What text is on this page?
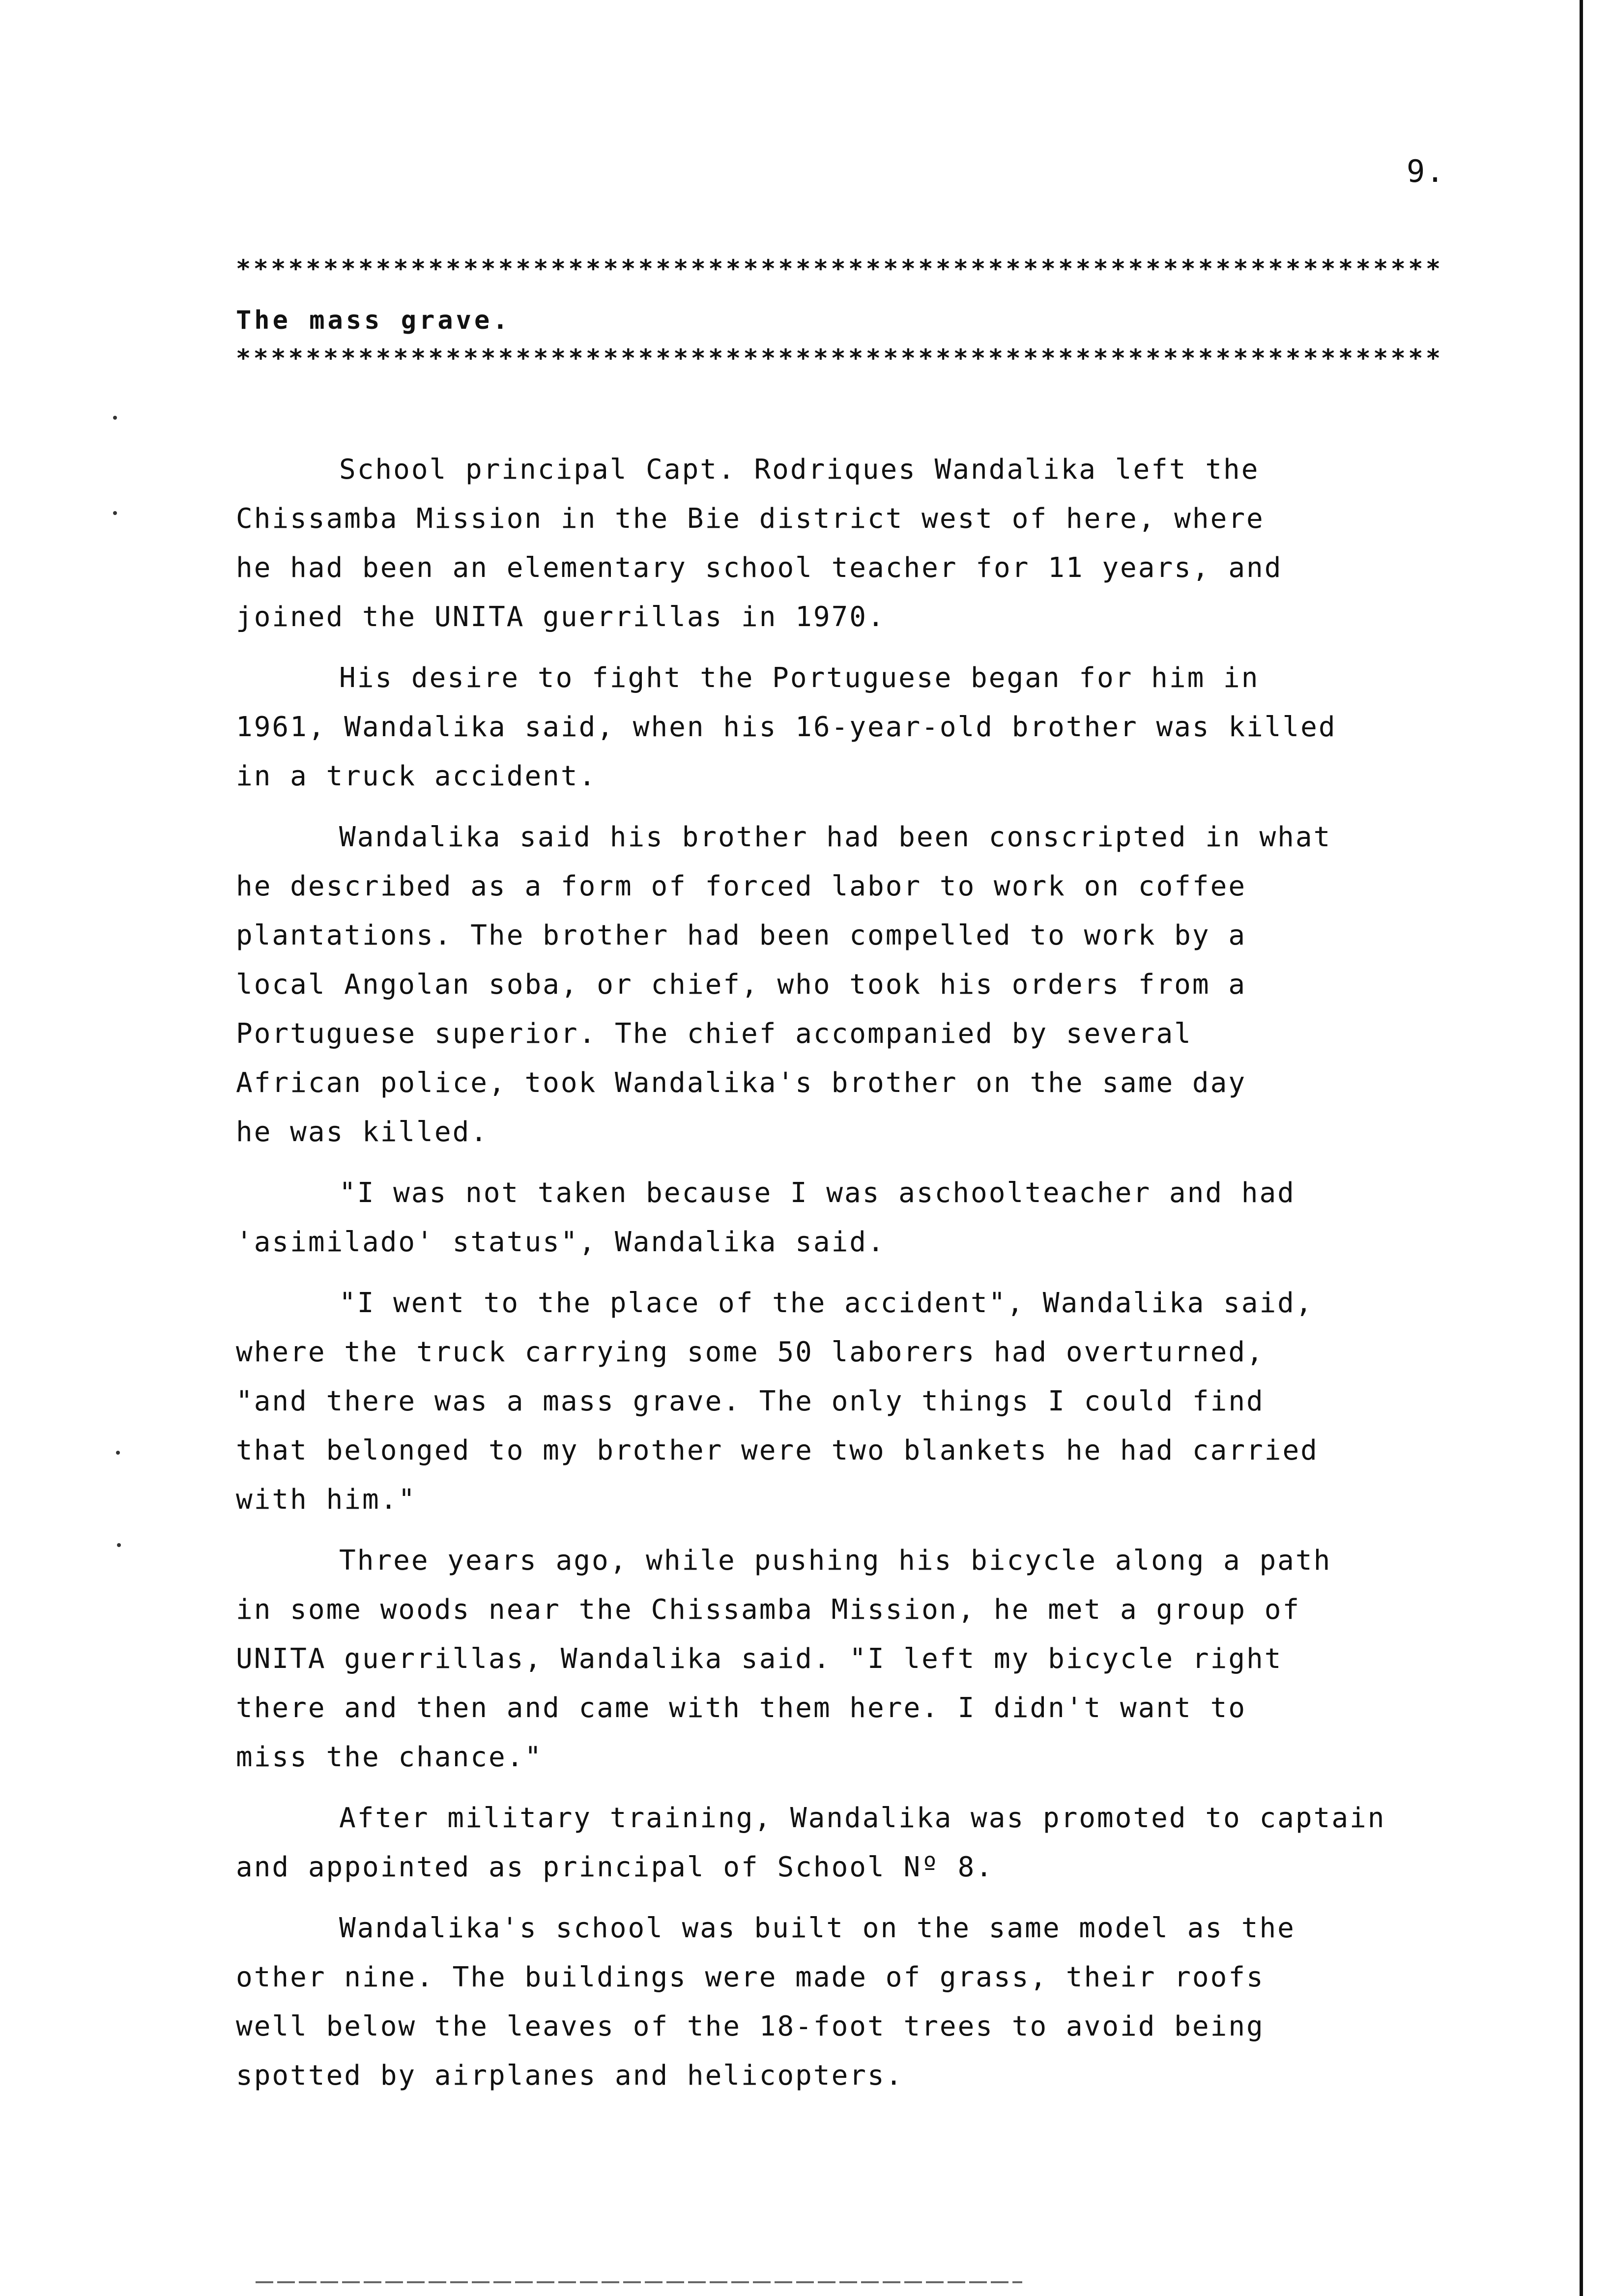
9.
*********************************************************************
The mass grave.
*********************************************************************
School principal Capt. Rodriques Wandalika left the
Chissamba Mission in the Bie district west of here, where
he had been an elementary school teacher for 11 years, and
joined the UNITA guerrillas in 1970.
His desire to fight the Portuguese began for him in
1961, Wandalika said, when his 16-year-old brother was killed
in a truck accident.
Wandalika said his brother had been conscripted in what
he described as a form of forced labor to work on coffee
plantations. The brother had been compelled to work by a
local Angolan soba, or chief, who took his orders from a
Portuguese superior. The chief accompanied by several
African police, took Wandalika's brother on the same day
he was killed.
"I was not taken because I was aschoolteacher and had
'asimilado' status", Wandalika said.
"I went to the place of the accident", Wandalika said,
where the truck carrying some 50 laborers had overturned,
"and there was a mass grave. The only things I could find
that belonged to my brother were two blankets he had carried
with him."
Three years ago, while pushing his bicycle along a path
in some woods near the Chissamba Mission, he met a group of
UNITA guerrillas, Wandalika said. "I left my bicycle right
there and then and came with them here. I didn't want to
miss the chance."
After military training, Wandalika was promoted to captain
and appointed as principal of School Nº 8.
Wandalika's school was built on the same model as the
other nine. The buildings were made of grass, their roofs
well below the leaves of the 18-foot trees to avoid being
spotted by airplanes and helicopters.
